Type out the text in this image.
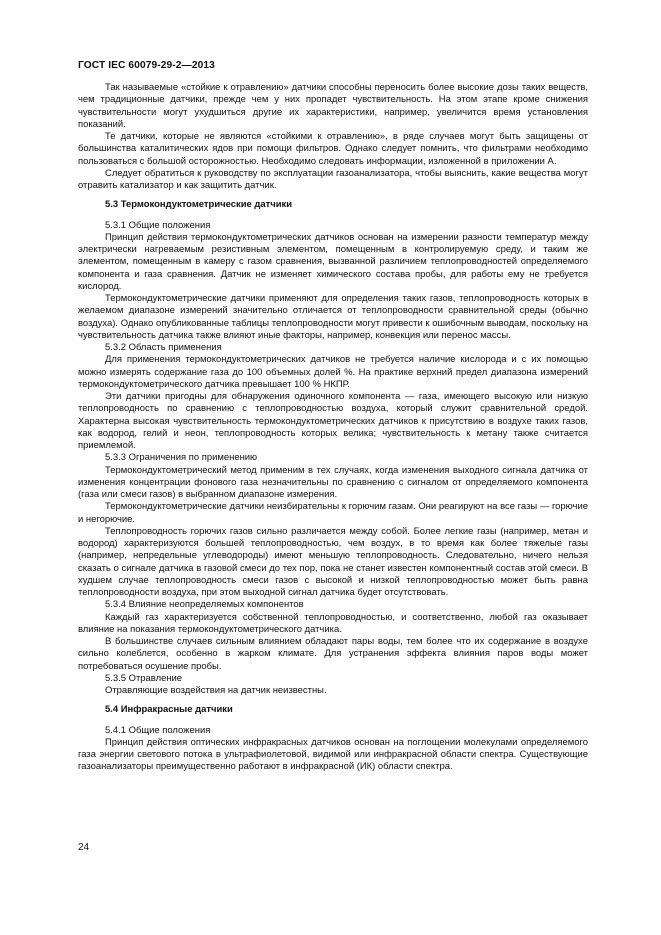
ГОСТ IEC 60079-29-2—2013

Так называемые «стойкие к отравлению» датчики способны переносить более высокие дозы таких веществ, чем традиционные датчики, прежде чем у них пропадет чувствительность. На этом этапе кроме снижения чувствительности могут ухудшиться другие их характеристики, например, увеличится время установления показаний.

Те датчики, которые не являются «стойкими к отравлению», в ряде случаев могут быть защищены от большинства каталитических ядов при помощи фильтров. Однако следует помнить, что фильтрами необходимо пользоваться с большой осторожностью. Необходимо следовать информации, изложенной в приложении А.

Следует обратиться к руководству по эксплуатации газоанализатора, чтобы выяснить, какие вещества могут отравить катализатор и как защитить датчик.

5.3 Термокондуктометрические датчики

5.3.1 Общие положения

Принцип действия термокондуктометрических датчиков основан на измерении разности температур между электрически нагреваемым резистивным элементом, помещенным в контролируемую среду, и таким же элементом, помещенным в камеру с газом сравнения, вызванной различием теплопроводностей определяемого компонента и газа сравнения. Датчик не изменяет химического состава пробы, для работы ему не требуется кислород.

Термокондуктометрические датчики применяют для определения таких газов, теплопроводность которых в желаемом диапазоне измерений значительно отличается от теплопроводности сравнительной среды (обычно воздуха). Однако опубликованные таблицы теплопроводности могут привести к ошибочным выводам, поскольку на чувствительность датчика также влияют иные факторы, например, конвекция или перенос массы.

5.3.2 Область применения

Для применения термокондуктометрических датчиков не требуется наличие кислорода и с их помощью можно измерять содержание газа до 100 объемных долей %. На практике верхний предел диапазона измерений термокондуктометрического датчика превышает 100 % НКПР.

Эти датчики пригодны для обнаружения одиночного компонента — газа, имеющего высокую или низкую теплопроводность по сравнению с теплопроводностью воздуха, который служит сравнительной средой. Характерна высокая чувствительность термокондуктометрических датчиков к присутствию в воздухе таких газов, как водород, гелий и неон, теплопроводность которых велика; чувствительность к метану также считается приемлемой.

5.3.3 Ограничения по применению

Термокондуктометрический метод применим в тех случаях, когда изменения выходного сигнала датчика от изменения концентрации фонового газа незначительны по сравнению с сигналом от определяемого компонента (газа или смеси газов) в выбранном диапазоне измерения.

Термокондуктометрические датчики неизбирательны к горючим газам. Они реагируют на все газы — горючие и негорючие.

Теплопроводность горючих газов сильно различается между собой. Более легкие газы (например, метан и водород) характеризуются большей теплопроводностью, чем воздух, в то время как более тяжелые газы (например, непредельные углеводороды) имеют меньшую теплопроводность. Следовательно, ничего нельзя сказать о сигнале датчика в газовой смеси до тех пор, пока не станет известен компонентный состав этой смеси. В худшем случае теплопроводность смеси газов с высокой и низкой теплопроводностью может быть равна теплопроводности воздуха, при этом выходной сигнал датчика будет отсутствовать.

5.3.4 Влияние неопределяемых компонентов

Каждый газ характеризуется собственной теплопроводностью, и соответственно, любой газ оказывает влияние на показания термокондуктометрического датчика.

В большинстве случаев сильным влиянием обладают пары воды, тем более что их содержание в воздухе сильно колеблется, особенно в жарком климате. Для устранения эффекта влияния паров воды может потребоваться осушение пробы.

5.3.5 Отравление

Отравляющие воздействия на датчик неизвестны.

5.4 Инфракрасные датчики

5.4.1 Общие положения

Принцип действия оптических инфракрасных датчиков основан на поглощении молекулами определяемого газа энергии светового потока в ультрафиолетовой, видимой или инфракрасной области спектра. Существующие газоанализаторы преимущественно работают в инфракрасной (ИК) области спектра.

24
